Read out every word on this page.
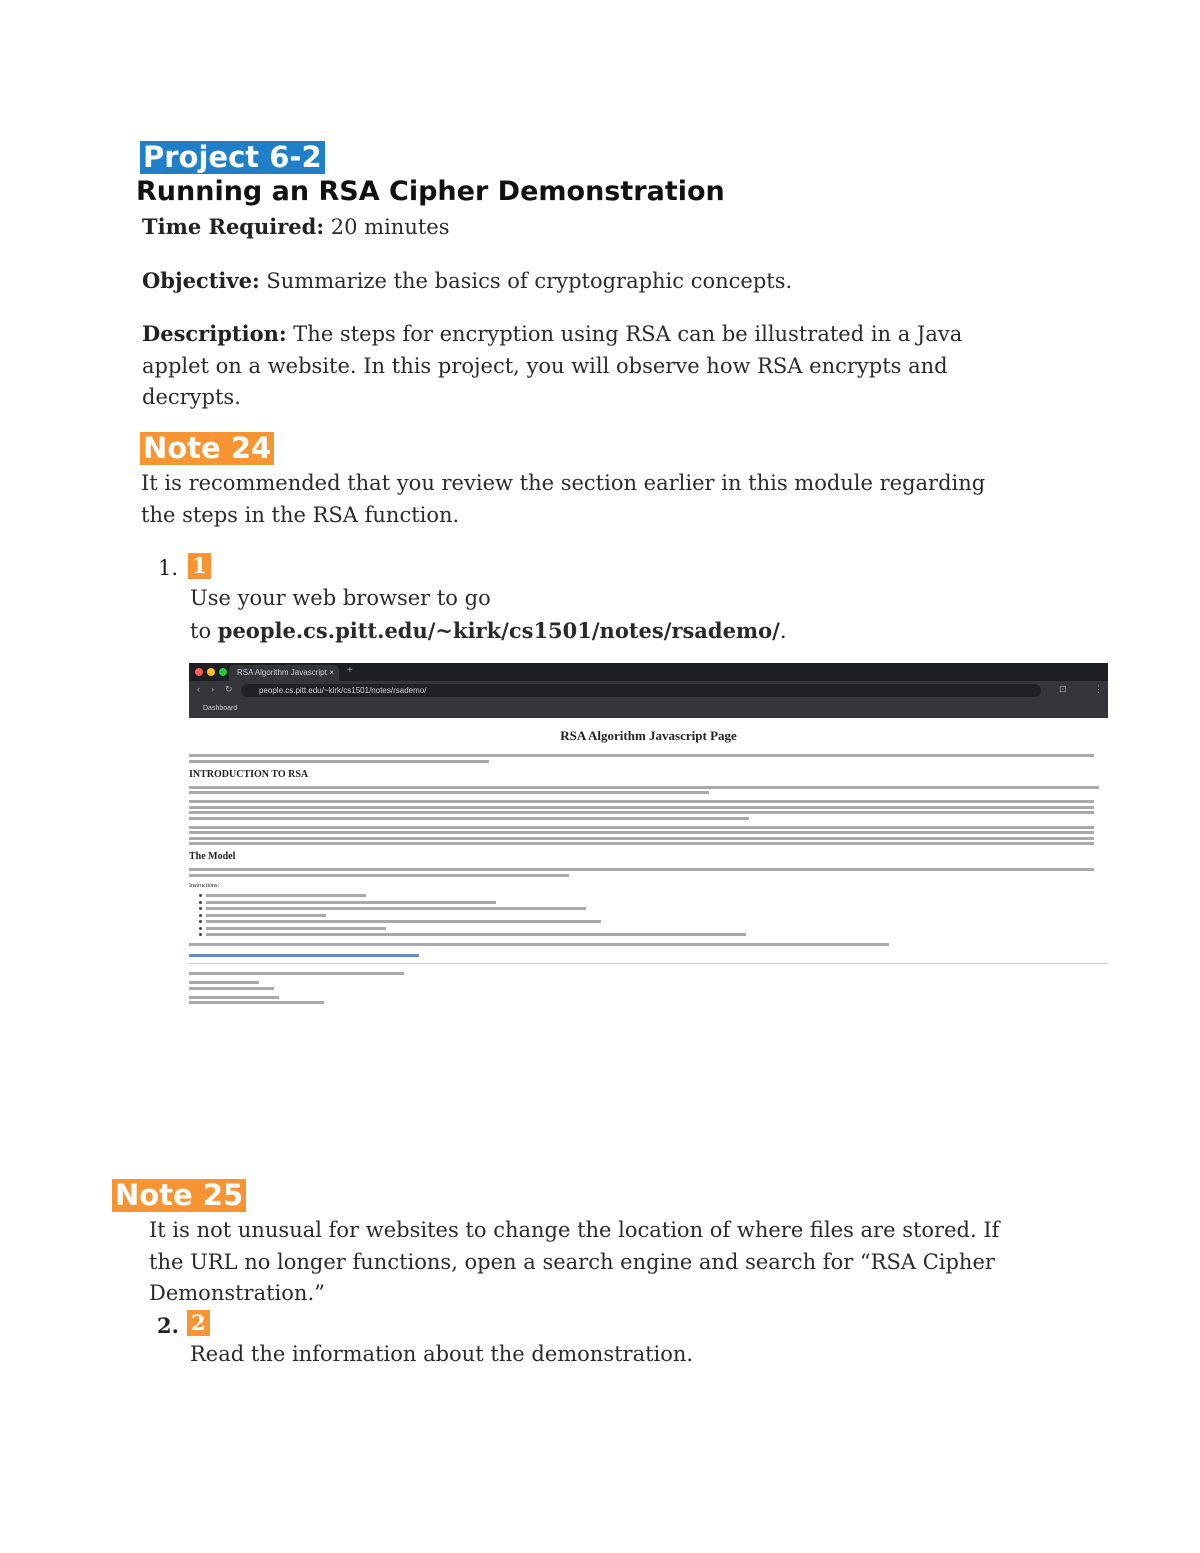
Project 6-2
Running an RSA Cipher Demonstration
Time Required: 20 minutes
Objective: Summarize the basics of cryptographic concepts.
Description: The steps for encryption using RSA can be illustrated in a Java
applet on a website. In this project, you will observe how RSA encrypts and
decrypts.
Note 24
It is recommended that you review the section earlier in this module regarding
the steps in the RSA function.
1. 1
Use your web browser to go
to people.cs.pitt.edu/~kirk/cs1501/notes/rsademo/.
RSA Algorithm Javascript ×	+
‹ › ↻	people.cs.pitt.edu/~kirk/cs1501/notes/rsademo/	⊡	⋮
Dashboard
RSA Algorithm Javascript Page
INTRODUCTION TO RSA
The Model
Instructions:
Note 25
It is not unusual for websites to change the location of where files are stored. If
the URL no longer functions, open a search engine and search for “RSA Cipher
Demonstration.”
2. 2
Read the information about the demonstration.
